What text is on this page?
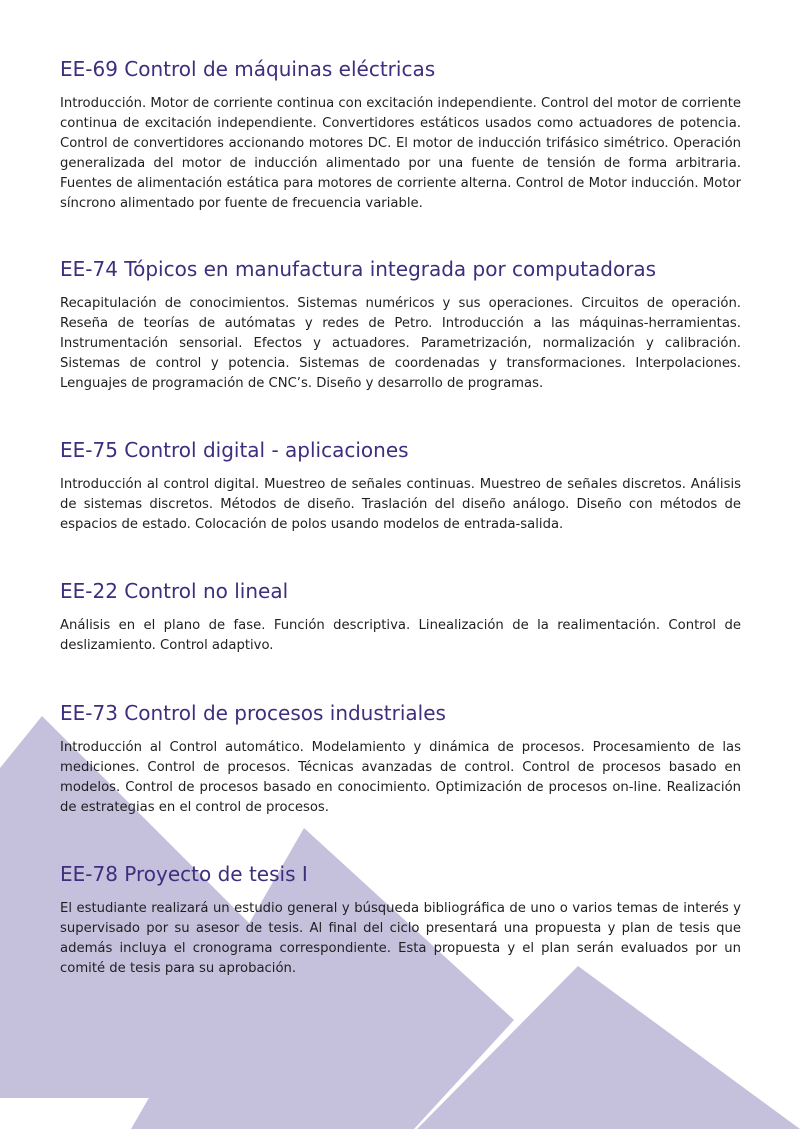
EE-69 Control de máquinas eléctricas

Introducción. Motor de corriente continua con excitación independiente. Control del motor de corriente continua de excitación independiente. Convertidores estáticos usados como actuadores de potencia. Control de convertidores accionando motores DC. El motor de inducción trifásico simétrico. Operación generalizada del motor de inducción alimentado por una fuente de tensión de forma arbitraria. Fuentes de alimentación estática para motores de corriente alterna. Control de Motor inducción. Motor síncrono alimentado por fuente de frecuencia variable.

EE-74 Tópicos en manufactura integrada por computadoras

Recapitulación de conocimientos. Sistemas numéricos y sus operaciones. Circuitos de operación. Reseña de teorías de autómatas y redes de Petro. Introducción a las máquinas-herramientas. Instrumentación sensorial. Efectos y actuadores. Parametrización, normalización y calibración. Sistemas de control y potencia. Sistemas de coordenadas y transformaciones. Interpolaciones. Lenguajes de programación de CNC’s. Diseño y desarrollo de programas.

EE-75 Control digital - aplicaciones

Introducción al control digital. Muestreo de señales continuas. Muestreo de señales discretos. Análisis de sistemas discretos. Métodos de diseño. Traslación del diseño análogo. Diseño con métodos de espacios de estado. Colocación de polos usando modelos de entrada-salida.

EE-22 Control no lineal

Análisis en el plano de fase. Función descriptiva. Linealización de la realimentación. Control de deslizamiento. Control adaptivo.

EE-73 Control de procesos industriales

Introducción al Control automático. Modelamiento y dinámica de procesos. Procesamiento de las mediciones. Control de procesos. Técnicas avanzadas de control. Control de procesos basado en modelos. Control de procesos basado en conocimiento. Optimización de procesos on-line. Realización de estrategias en el control de procesos.

EE-78 Proyecto de tesis I

El estudiante realizará un estudio general y búsqueda bibliográfica de uno o varios temas de interés y supervisado por su asesor de tesis. Al final del ciclo presentará una propuesta y plan de tesis que además incluya el cronograma correspondiente. Esta propuesta y el plan serán evaluados por un comité de tesis para su aprobación.
